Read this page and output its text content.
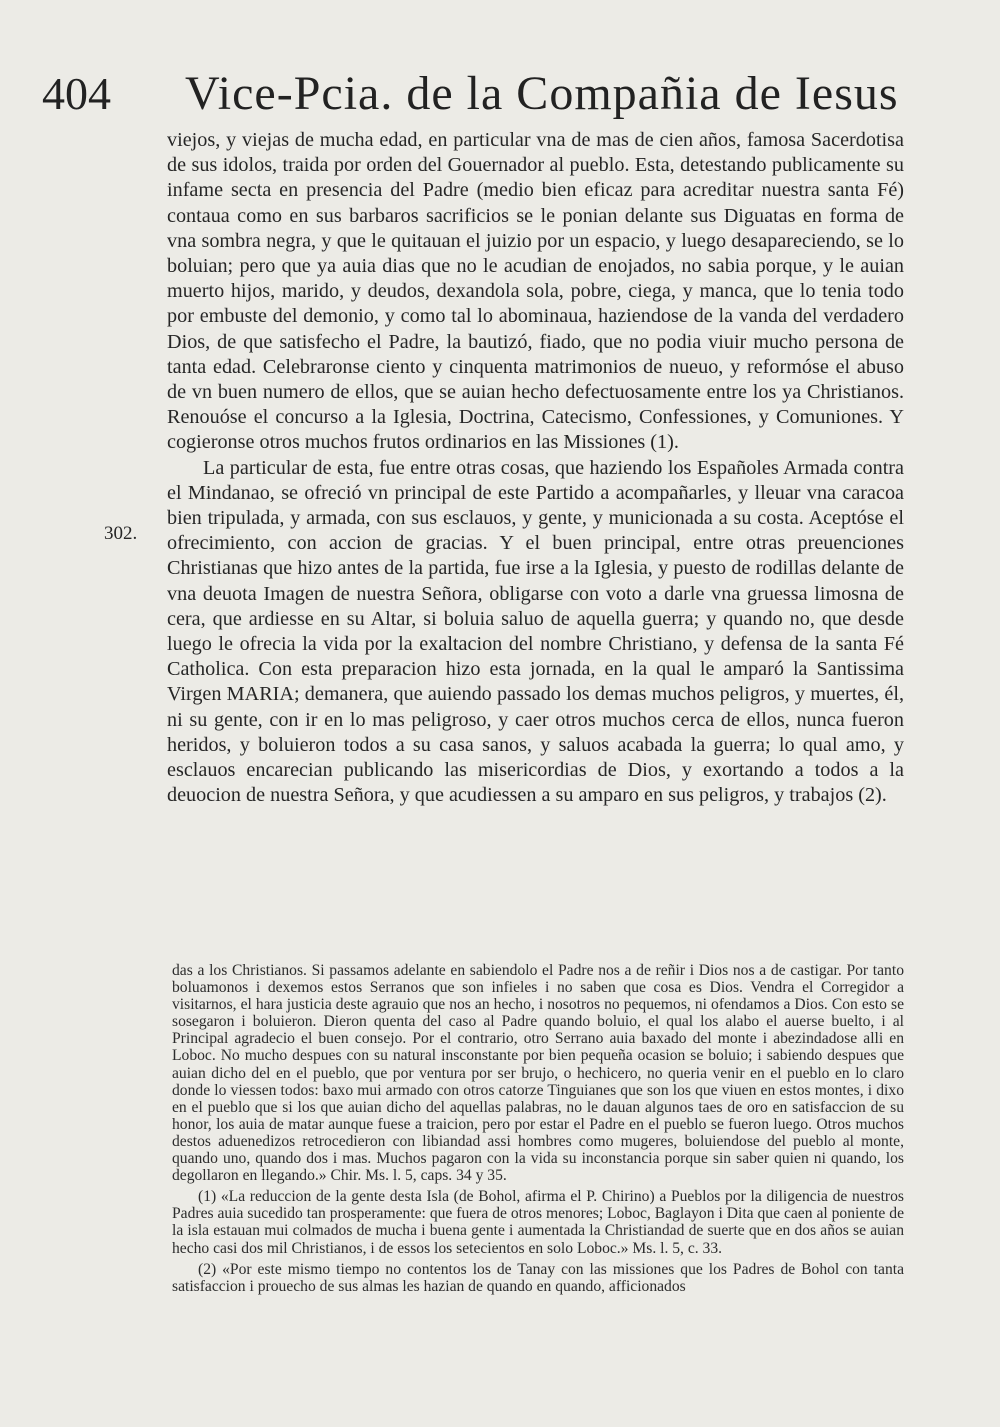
404 Vice-Pcia. de la Compañia de Iesus

viejos, y viejas de mucha edad, en particular vna de mas de cien años, famosa Sacerdotisa de sus idolos, traida por orden del Gouernador al pueblo. Esta, detestando publicamente su infame secta en presencia del Padre (medio bien eficaz para acreditar nuestra santa Fé) contaua como en sus barbaros sacrificios se le ponian delante sus Diguatas en forma de vna sombra negra, y que le quitauan el juizio por un espacio, y luego desapareciendo, se lo boluian; pero que ya auia dias que no le acudian de enojados, no sabia porque, y le auian muerto hijos, marido, y deudos, dexandola sola, pobre, ciega, y manca, que lo tenia todo por embuste del demonio, y como tal lo abominaua, haziendose de la vanda del verdadero Dios, de que satisfecho el Padre, la bautizó, fiado, que no podia viuir mucho persona de tanta edad. Celebraronse ciento y cinquenta matrimonios de nueuo, y reformóse el abuso de vn buen numero de ellos, que se auian hecho defectuosamente entre los ya Christianos. Renouóse el concurso a la Iglesia, Doctrina, Catecismo, Confessiones, y Comuniones. Y cogieronse otros muchos frutos ordinarios en las Missiones (1).

La particular de esta, fue entre otras cosas, que haziendo los Españoles Armada contra el Mindanao, se ofreció vn principal de este Partido a acompañarles, y lleuar vna caracoa bien tripulada, y armada, con sus esclauos, y gente, y municionada a su costa. Aceptóse el ofrecimiento, con accion de gracias. Y el buen principal, entre otras preuenciones Christianas que hizo antes de la partida, fue irse a la Iglesia, y puesto de rodillas delante de vna deuota Imagen de nuestra Señora, obligarse con voto a darle vna gruessa limosna de cera, que ardiesse en su Altar, si boluia saluo de aquella guerra; y quando no, que desde luego le ofrecia la vida por la exaltacion del nombre Christiano, y defensa de la santa Fé Catholica. Con esta preparacion hizo esta jornada, en la qual le amparó la Santissima Virgen MARIA; demanera, que auiendo passado los demas muchos peligros, y muertes, él, ni su gente, con ir en lo mas peligroso, y caer otros muchos cerca de ellos, nunca fueron heridos, y boluieron todos a su casa sanos, y saluos acabada la guerra; lo qual amo, y esclauos encarecian publicando las misericordias de Dios, y exortando a todos a la deuocion de nuestra Señora, y que acudiessen a su amparo en sus peligros, y trabajos (2).

302.

das a los Christianos. Si passamos adelante en sabiendolo el Padre nos a de reñir i Dios nos a de castigar. Por tanto boluamonos i dexemos estos Serranos que son infieles i no saben que cosa es Dios. Vendra el Corregidor a visitarnos, el hara justicia deste agrauio que nos an hecho, i nosotros no pequemos, ni ofendamos a Dios. Con esto se sosegaron i boluieron. Dieron quenta del caso al Padre quando boluio, el qual los alabo el auerse buelto, i al Principal agradecio el buen consejo. Por el contrario, otro Serrano auia baxado del monte i abezindadose alli en Loboc. No mucho despues con su natural insconstante por bien pequeña ocasion se boluio; i sabiendo despues que auian dicho del en el pueblo, que por ventura por ser brujo, o hechicero, no queria venir en el pueblo en lo claro donde lo viessen todos: baxo mui armado con otros catorze Tinguianes que son los que viuen en estos montes, i dixo en el pueblo que si los que auian dicho del aquellas palabras, no le dauan algunos taes de oro en satisfaccion de su honor, los auia de matar aunque fuese a traicion, pero por estar el Padre en el pueblo se fueron luego. Otros muchos destos aduenedizos retrocedieron con libiandad assi hombres como mugeres, boluiendose del pueblo al monte, quando uno, quando dos i mas. Muchos pagaron con la vida su inconstancia porque sin saber quien ni quando, los degollaron en llegando.» Chir. Ms. l. 5, caps. 34 y 35.

(1) «La reduccion de la gente desta Isla (de Bohol, afirma el P. Chirino) a Pueblos por la diligencia de nuestros Padres auia sucedido tan prosperamente: que fuera de otros menores; Loboc, Baglayon i Dita que caen al poniente de la isla estauan mui colmados de mucha i buena gente i aumentada la Christiandad de suerte que en dos años se auian hecho casi dos mil Christianos, i de essos los setecientos en solo Loboc.» Ms. l. 5, c. 33.

(2) «Por este mismo tiempo no contentos los de Tanay con las missiones que los Padres de Bohol con tanta satisfaccion i prouecho de sus almas les hazian de quando en quando, afficionados
